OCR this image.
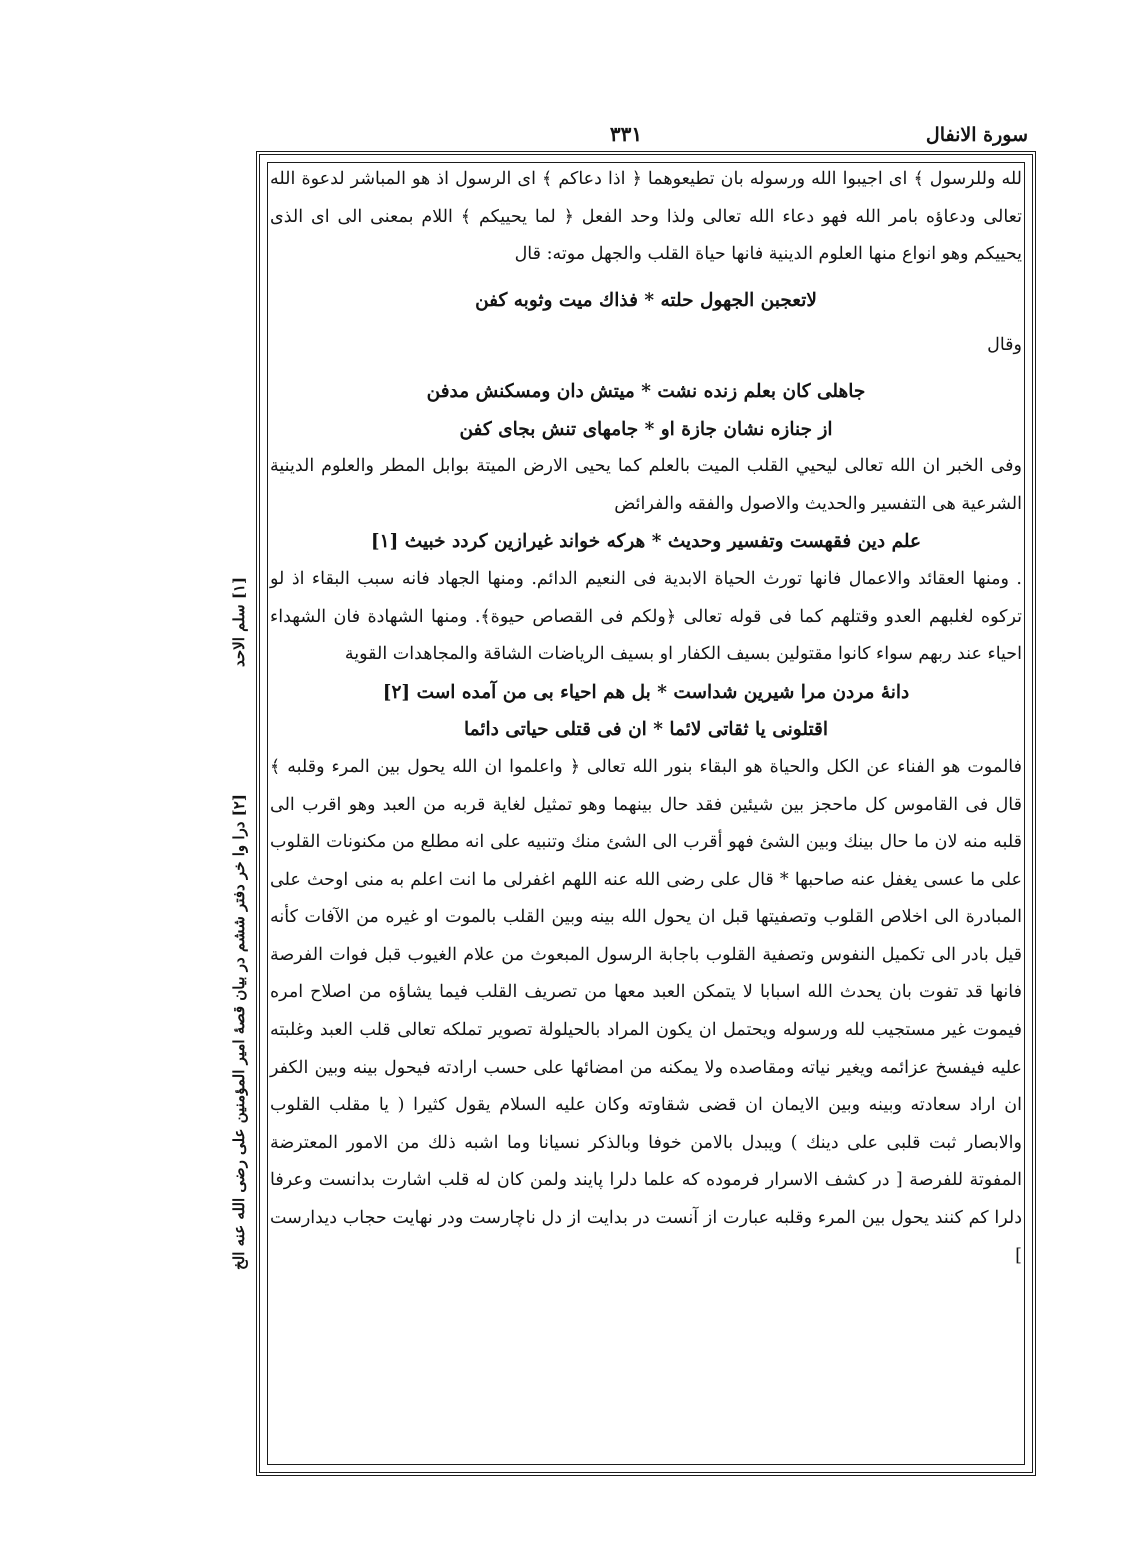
سورة الانفال
۳۳۱

لله وللرسول ﴾ اى اجيبوا الله ورسوله بان تطيعوهما ﴿ اذا دعاكم ﴾ اى الرسول اذ هو المباشر لدعوة الله تعالى ودعاؤه بامر الله فهو دعاء الله تعالى ولذا وحد الفعل ﴿ لما يحييكم ﴾ اللام بمعنى الى اى الذى يحييكم وهو انواع منها العلوم الدينية فانها حياة القلب والجهل موته: قال

لاتعجبن الجهول حلته * فذاك ميت وثوبه كفن

وقال

جاهلى كان بعلم زنده نشت * ميتش دان ومسكنش مدفن

از جنازه نشان جازة او * جامهاى تنش بجاى كفن

وفى الخبر ان الله تعالى ليحيي القلب الميت بالعلم كما يحيى الارض الميتة بوابل المطر والعلوم الدينية الشرعية هى التفسير والحديث والاصول والفقه والفرائض

علم دين فقهست وتفسير وحديث * هركه خواند غيرازين كردد خبيث [۱]

. ومنها العقائد والاعمال فانها تورث الحياة الابدية فى النعيم الدائم. ومنها الجهاد فانه سبب البقاء اذ لو تركوه لغلبهم العدو وقتلهم كما فى قوله تعالى ﴿ولكم فى القصاص حيوة﴾. ومنها الشهادة فان الشهداء احياء عند ربهم سواء كانوا مقتولين بسيف الكفار او بسيف الرياضات الشاقة والمجاهدات القوية

دانهٔ مردن مرا شيرين شداست * بل هم احياء بى من آمده است [۲]

اقتلونى يا ثقاتى لائما * ان فى قتلى حياتى دائما

فالموت هو الفناء عن الكل والحياة هو البقاء بنور الله تعالى ﴿ واعلموا ان الله يحول بين المرء وقلبه ﴾ قال فى القاموس كل ماحجز بين شيئين فقد حال بينهما وهو تمثيل لغاية قربه من العبد وهو اقرب الى قلبه منه لان ما حال بينك وبين الشئ فهو أقرب الى الشئ منك وتنبيه على انه مطلع من مكنونات القلوب على ما عسى يغفل عنه صاحبها * قال على رضى الله عنه اللهم اغفرلى ما انت اعلم به منى اوحث على المبادرة الى اخلاص القلوب وتصفيتها قبل ان يحول الله بينه وبين القلب بالموت او غيره من الآفات كأنه قيل بادر الى تكميل النفوس وتصفية القلوب باجابة الرسول المبعوث من علام الغيوب قبل فوات الفرصة فانها قد تفوت بان يحدث الله اسبابا لا يتمكن العبد معها من تصريف القلب فيما يشاؤه من اصلاح امره فيموت غير مستجيب لله ورسوله ويحتمل ان يكون المراد بالحيلولة تصوير تملكه تعالى قلب العبد وغلبته عليه فيفسخ عزائمه ويغير نياته ومقاصده ولا يمكنه من امضائها على حسب ارادته فيحول بينه وبين الكفر ان اراد سعادته وبينه وبين الايمان ان قضى شقاوته وكان عليه السلام يقول كثيرا ( يا مقلب القلوب والابصار ثبت قلبى على دينك ) ويبدل بالامن خوفا وبالذكر نسيانا وما اشبه ذلك من الامور المعترضة المفوتة للفرصة [ در كشف الاسرار فرموده كه علما دلرا پايند ولمن كان له قلب اشارت بدانست وعرفا دلرا كم كنند يحول بين المرء وقلبه عبارت از آنست در بدايت از دل ناچارست ودر نهايت حجاب ديدارست ]

[۱] سلم الاحد
[۲] درا وا خر دفتر ششم در بيان قصهٔ امير المؤمنين على رضى الله عنه الخ
